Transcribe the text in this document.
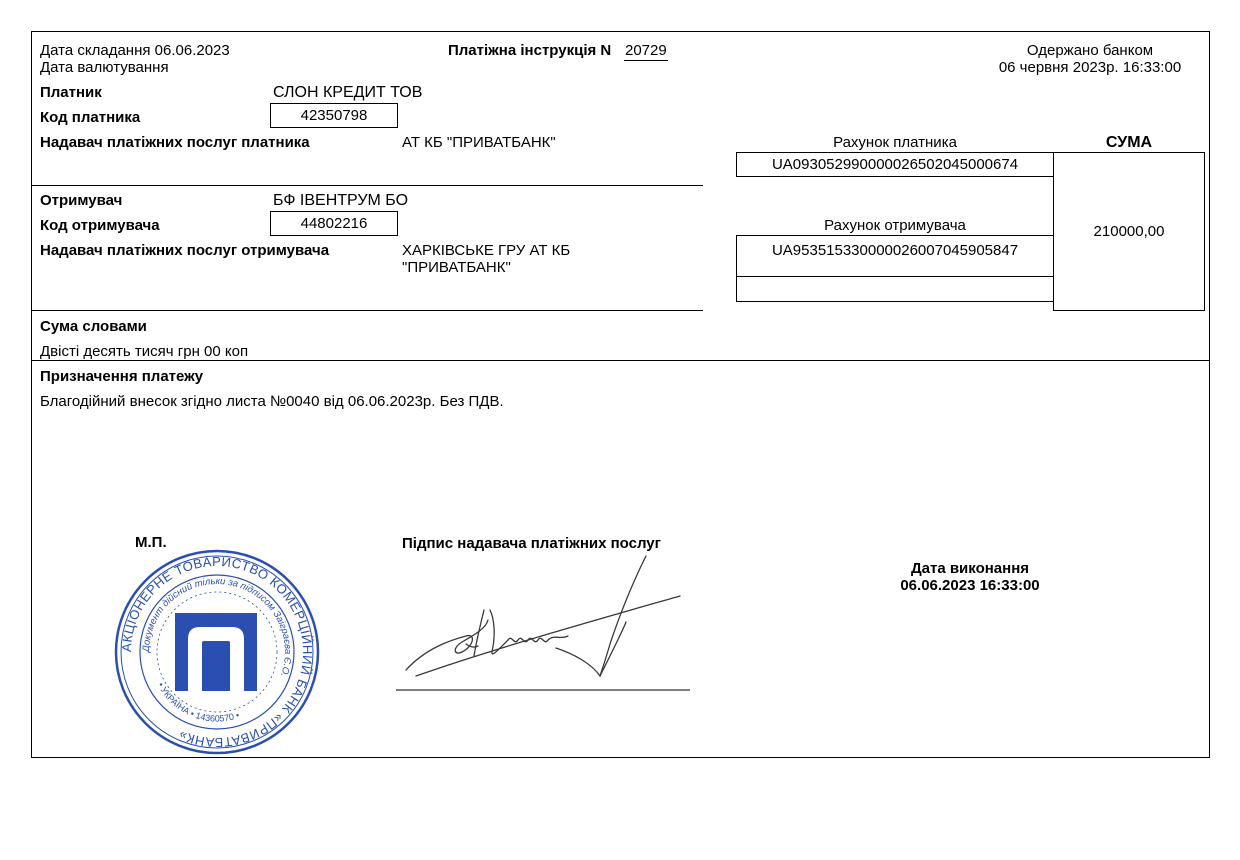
Дата складання 06.06.2023
Дата валютування
Платіжна інструкція N 20729	Одержано банком
06 червня 2023р. 16:33:00
Платник	СЛОН КРЕДИТ ТОВ
Код платника	42350798
Надавач платіжних послуг платника	АТ КБ "ПРИВАТБАНК"	Рахунок платника
UA093052990000026502045000674
СУМА
210000,00
Отримувач	БФ ІВЕНТРУМ БО
Код отримувача	44802216
Надавач платіжних послуг отримувача	ХАРКІВСЬКЕ ГРУ АТ КБ "ПРИВАТБАНК"
Рахунок отримувача
UA953515330000026007045905847
Сума словами
Двісті десять тисяч грн 00 коп
Призначення платежу
Благодійний внесок згідно листа №0040 від 06.06.2023р. Без ПДВ.
М.П.	Підпис надавача платіжних послуг
Дата виконання
06.06.2023 16:33:00
АКЦІОНЕРНЕ ТОВАРИСТВО КОМЕРЦІЙНИЙ БАНК «ПРИВАТБАНК»
Документ дійсний тільки за підписом Заіграєва Є.О.
• УКРАЇНА • 14360570 •
